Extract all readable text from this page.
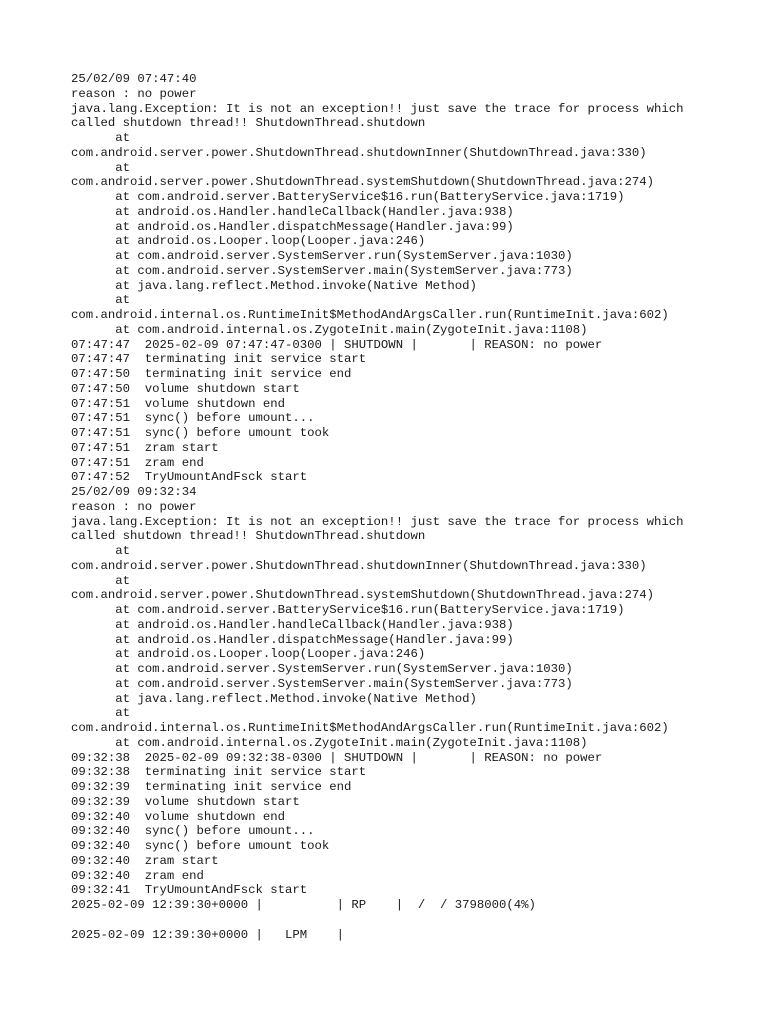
25/02/09 07:47:40
reason : no power
java.lang.Exception: It is not an exception!! just save the trace for process which
called shutdown thread!! ShutdownThread.shutdown
at
com.android.server.power.ShutdownThread.shutdownInner(ShutdownThread.java:330)
at
com.android.server.power.ShutdownThread.systemShutdown(ShutdownThread.java:274)
at com.android.server.BatteryService$16.run(BatteryService.java:1719)
at android.os.Handler.handleCallback(Handler.java:938)
at android.os.Handler.dispatchMessage(Handler.java:99)
at android.os.Looper.loop(Looper.java:246)
at com.android.server.SystemServer.run(SystemServer.java:1030)
at com.android.server.SystemServer.main(SystemServer.java:773)
at java.lang.reflect.Method.invoke(Native Method)
at
com.android.internal.os.RuntimeInit$MethodAndArgsCaller.run(RuntimeInit.java:602)
at com.android.internal.os.ZygoteInit.main(ZygoteInit.java:1108)
07:47:47  2025-02-09 07:47:47-0300 | SHUTDOWN |       | REASON: no power
07:47:47  terminating init service start
07:47:50  terminating init service end
07:47:50  volume shutdown start
07:47:51  volume shutdown end
07:47:51  sync() before umount...
07:47:51  sync() before umount took
07:47:51  zram start
07:47:51  zram end
07:47:52  TryUmountAndFsck start
25/02/09 09:32:34
reason : no power
java.lang.Exception: It is not an exception!! just save the trace for process which
called shutdown thread!! ShutdownThread.shutdown
at
com.android.server.power.ShutdownThread.shutdownInner(ShutdownThread.java:330)
at
com.android.server.power.ShutdownThread.systemShutdown(ShutdownThread.java:274)
at com.android.server.BatteryService$16.run(BatteryService.java:1719)
at android.os.Handler.handleCallback(Handler.java:938)
at android.os.Handler.dispatchMessage(Handler.java:99)
at android.os.Looper.loop(Looper.java:246)
at com.android.server.SystemServer.run(SystemServer.java:1030)
at com.android.server.SystemServer.main(SystemServer.java:773)
at java.lang.reflect.Method.invoke(Native Method)
at
com.android.internal.os.RuntimeInit$MethodAndArgsCaller.run(RuntimeInit.java:602)
at com.android.internal.os.ZygoteInit.main(ZygoteInit.java:1108)
09:32:38  2025-02-09 09:32:38-0300 | SHUTDOWN |       | REASON: no power
09:32:38  terminating init service start
09:32:39  terminating init service end
09:32:39  volume shutdown start
09:32:40  volume shutdown end
09:32:40  sync() before umount...
09:32:40  sync() before umount took
09:32:40  zram start
09:32:40  zram end
09:32:41  TryUmountAndFsck start
2025-02-09 12:39:30+0000 |          | RP    |  /  / 3798000(4%)
2025-02-09 12:39:30+0000 |   LPM    |
